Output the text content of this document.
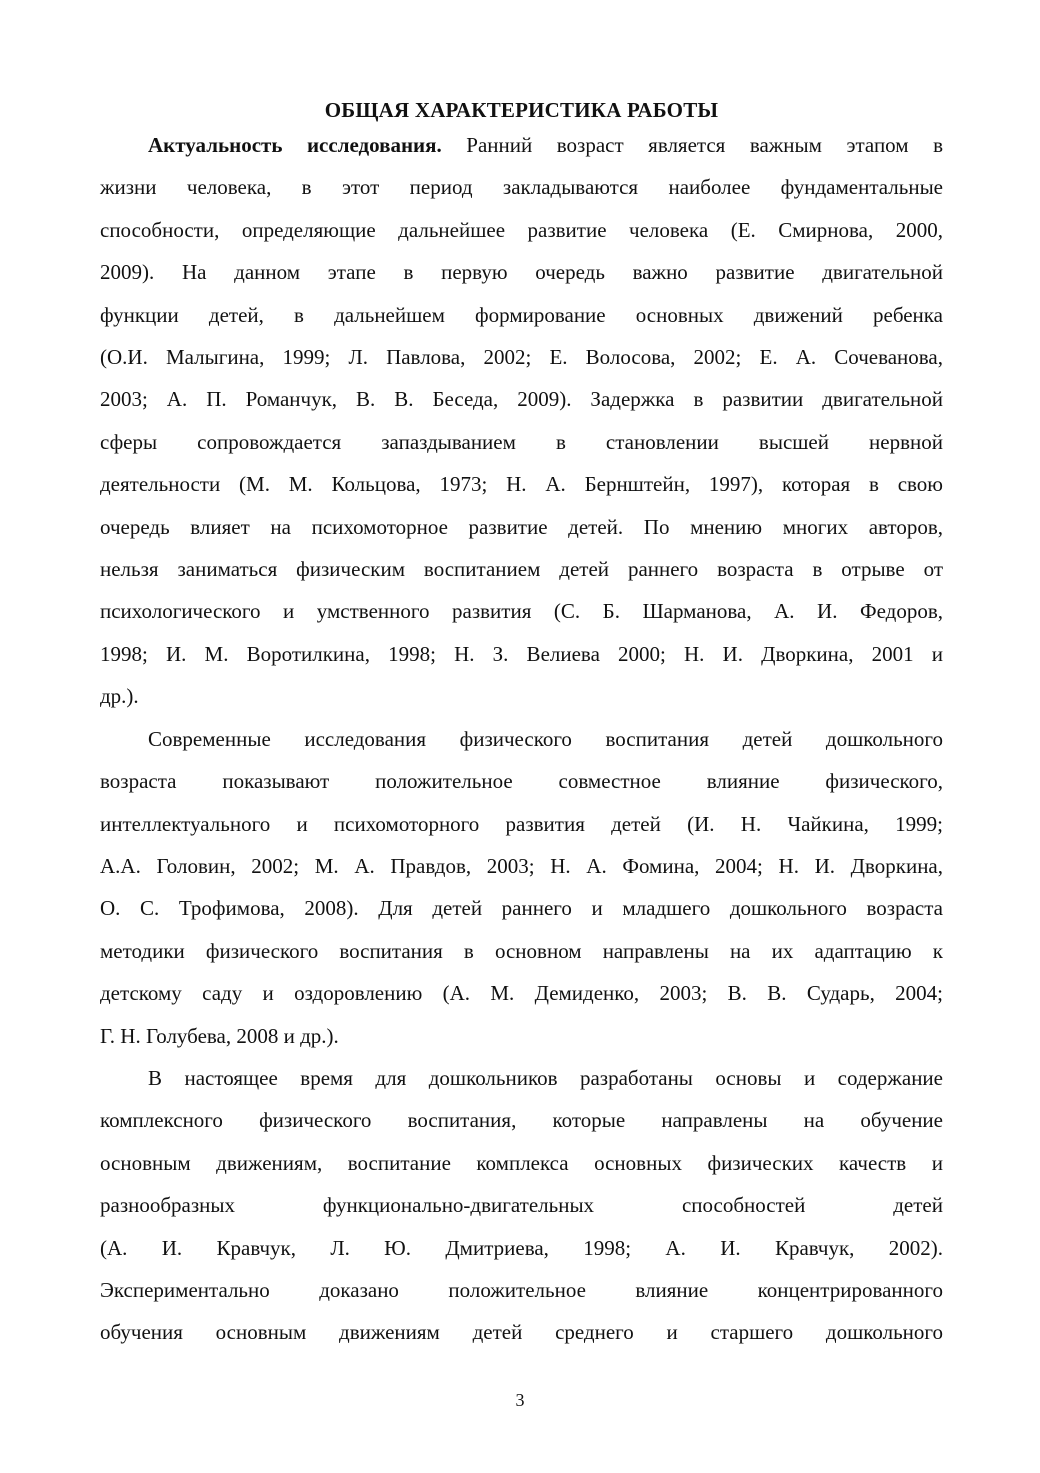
ОБЩАЯ ХАРАКТЕРИСТИКА РАБОТЫ
Актуальность исследования. Ранний возраст является важным этапом в
жизни человека, в этот период закладываются наиболее фундаментальные
способности, определяющие дальнейшее развитие человека (Е. Смирнова, 2000,
2009). На данном этапе в первую очередь важно развитие двигательной
функции детей, в дальнейшем формирование основных движений ребенка
(О.И. Малыгина, 1999; Л. Павлова, 2002; Е. Волосова, 2002; Е. А. Сочеванова,
2003; А. П. Романчук, В. В. Беседа, 2009). Задержка в развитии двигательной
сферы сопровождается запаздыванием в становлении высшей нервной
деятельности (М. М. Кольцова, 1973; Н. А. Бернштейн, 1997), которая в свою
очередь влияет на психомоторное развитие детей. По мнению многих авторов,
нельзя заниматься физическим воспитанием детей раннего возраста в отрыве от
психологического и умственного развития (С. Б. Шарманова, А. И. Федоров,
1998; И. М. Воротилкина, 1998; Н. З. Велиева 2000; Н. И. Дворкина, 2001 и
др.).
Современные исследования физического воспитания детей дошкольного
возраста показывают положительное совместное влияние физического,
интеллектуального и психомоторного развития детей (И. Н. Чайкина, 1999;
А.А. Головин, 2002; М. А. Правдов, 2003; Н. А. Фомина, 2004; Н. И. Дворкина,
О. С. Трофимова, 2008). Для детей раннего и младшего дошкольного возраста
методики физического воспитания в основном направлены на их адаптацию к
детскому саду и оздоровлению (А. М. Демиденко, 2003; В. В. Сударь, 2004;
Г. Н. Голубева, 2008 и др.).
В настоящее время для дошкольников разработаны основы и содержание
комплексного физического воспитания, которые направлены на обучение
основным движениям, воспитание комплекса основных физических качеств и
разнообразных функционально-двигательных способностей детей
(А. И. Кравчук, Л. Ю. Дмитриева, 1998; А. И. Кравчук, 2002).
Экспериментально доказано положительное влияние концентрированного
обучения основным движениям детей среднего и старшего дошкольного
3
